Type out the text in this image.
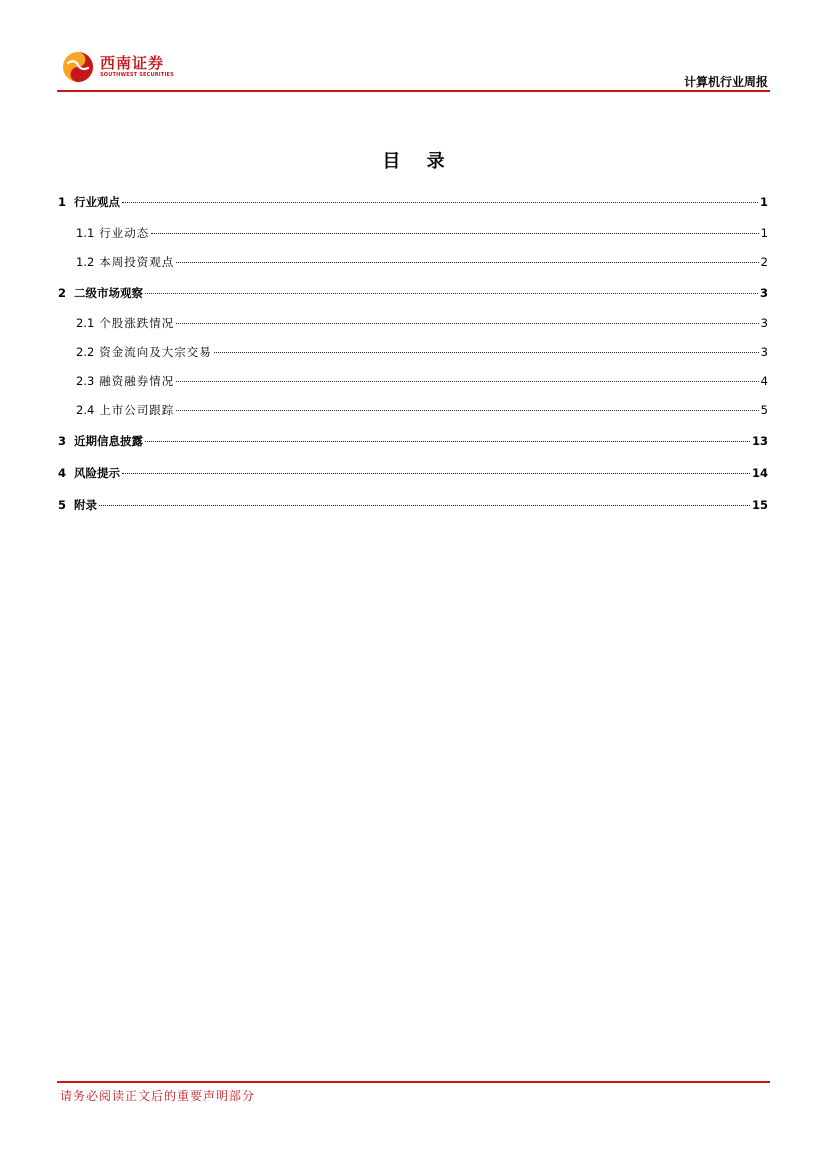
西南证券
SOUTHWEST SECURITIES	计算机行业周报
目 录
1 行业观点	1
1.1 行业动态	1
1.2 本周投资观点	2
2 二级市场观察	3
2.1 个股涨跌情况	3
2.2 资金流向及大宗交易	3
2.3 融资融券情况	4
2.4 上市公司跟踪	5
3 近期信息披露	13
4 风险提示	14
5 附录	15
请务必阅读正文后的重要声明部分
